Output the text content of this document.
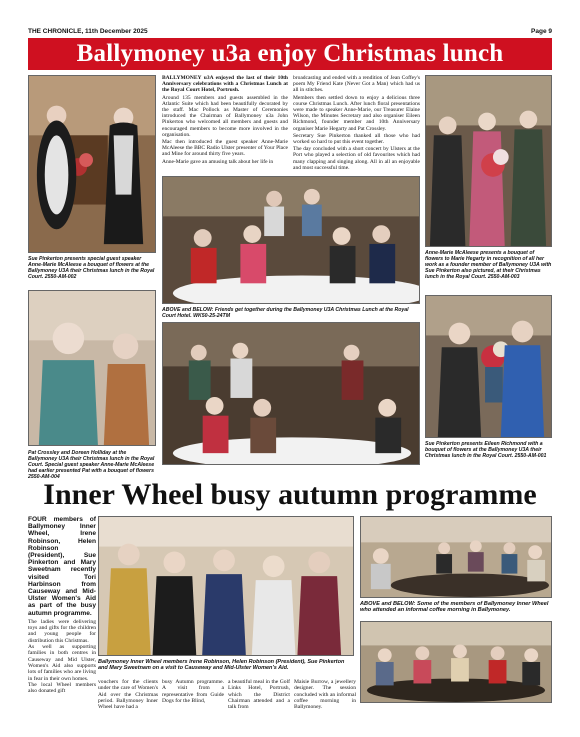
THE CHRONICLE, 11th December 2025	Page 9
Ballymoney u3a enjoy Christmas lunch
Sue Pinkerton presents special guest speaker Anne-Marie McAleese a bouquet of flowers at the Ballymoney U3A their Christmas lunch in the Royal Court. 2550-AM-002

BALLYMONEY u3A enjoyed the last of their 10th Anniversary celebrations with a Christmas Lunch at the Royal Court Hotel, Portrush.

Around 135 members and guests assembled in the Atlantic Suite which had been beautifully decorated by the staff. Mac Pollock as Master of Ceremonies introduced the Chairman of Ballymoney u3a John Pinkerton who welcomed all members and guests and encouraged members to become more involved in the organisation.

Mac then introduced the guest speaker Anne-Marie McAleese the BBC Radio Ulster presenter of Your Place and Mine for around thirty five years.

Anne-Marie gave an amusing talk about her life in

broadcasting and ended with a rendition of Jean Coffey's poem My Friend Kate (Never Got a Man) which had us all in stitches.

Members then settled down to enjoy a delicious three course Christmas Lunch. After lunch floral presentations were made to speaker Anne-Marie, our Treasurer Elaine Wilson, the Minutes Secretary and also organiser Eileen Richmond, founder member and 10th Anniversary organiser Marie Hegarty and Pat Crossley.

Secretary Sue Pinkerton thanked all those who had worked so hard to put this event together.

The day concluded with a short concert by Ulsters at the Port who played a selection of old favourites which had many clapping and singing along. All in all an enjoyable and most successful time.

Anne-Marie McAleese presents a bouquet of flowers to Marie Hegarty in recognition of all her work as a founder member of Ballymoney U3A with Sue Pinkerton also pictured, at their Christmas lunch in the Royal Court. 2550-AM-003
ABOVE and BELOW: Friends get together during the Ballymoney U3A Christmas Lunch at the Royal Court Hotel. WK50-25-24TM
Pat Crossley and Doreen Holliday at the Ballymoney U3A their Christmas lunch in the Royal Court. Special guest speaker Anne-Marie McAleese had earlier presented Pat with a bouquet of flowers 2550-AM-004
Sue Pinkerton presents Eileen Richmond with a bouquet of flowers at the Ballymoney U3A their Christmas lunch in the Royal Court. 2550-AM-001
Inner Wheel busy autumn programme

FOUR members of Ballymoney Inner Wheel, Irene Robinson, Helen Robinson (President), Sue Pinkerton and Mary Sweetnam recently visited Tori Harbinson from Causeway and Mid-Ulster Women's Aid as part of the busy autumn programme.

The ladies were delivering toys and gifts for the children and young people for distribution this Christmas.

As well as supporting families in both centres in Causeway and Mid Ulster, Women's Aid also supports lots of families who are living in fear in their own homes.

The local Wheel members also donated gift

Ballymoney Inner Wheel members Irene Robinson, Helen Robinson (President), Sue Pinkerton and Mary Sweetnam on a visit to Causeway and Mid-Ulster Women's Aid.
vouchers for the clients under the care of Women's Aid over the Christmas period. Ballymoney Inner Wheel have had a
busy Autumn programme. A visit from a representative from Guide Dogs for the Blind,
a beautiful meal in the Golf Links Hotel, Portrush, which the District Chairman attended and a talk from
Maisie Burrow, a jewellery designer. The session concluded with an informal coffee morning in Ballymoney.
ABOVE and BELOW: Some of the members of Ballymoney Inner Wheel who attended an informal coffee morning in Ballymoney.
